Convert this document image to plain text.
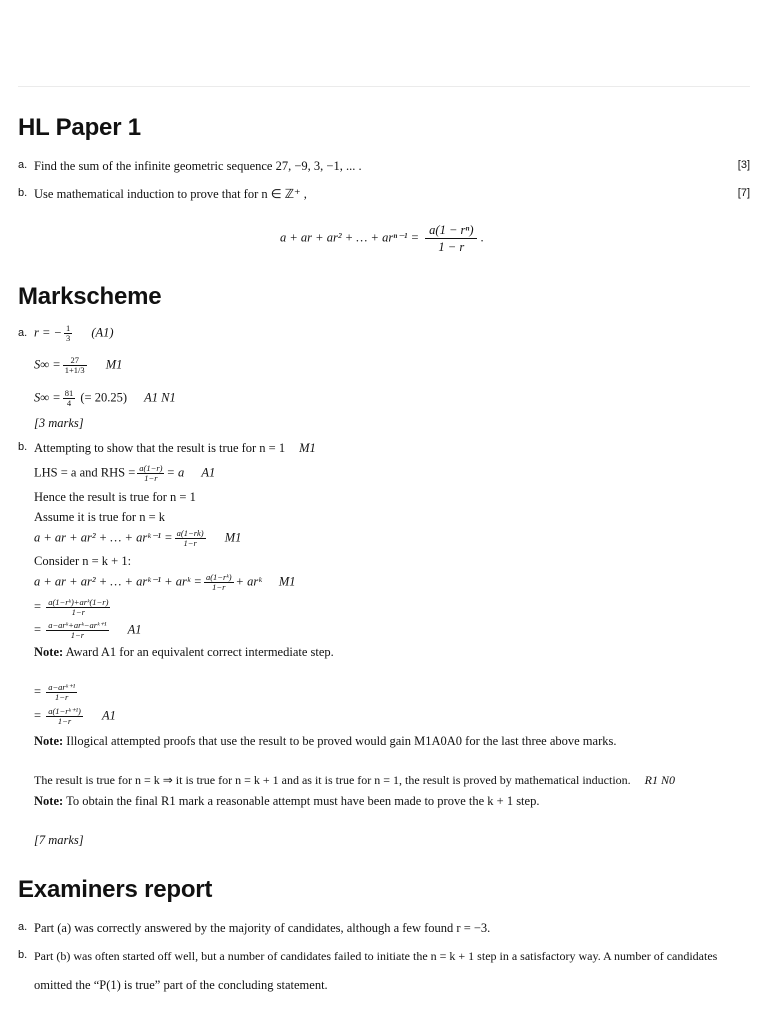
HL Paper 1
a. Find the sum of the infinite geometric sequence 27, −9, 3, −1, ... .	[3]
b. Use mathematical induction to prove that for n ∈ ℤ⁺ ,	[7]
a + ar + ar² + … + $ar^{n-1} = \frac{\text{a(1 − rⁿ)}}{1 - r}$ .
Markscheme
a. r = − $\frac{1}{3} (A1)$
$S\infty = \frac{27}{1+1/3} M1$
$S\infty = \frac{81}{4}$ (= 20.25) A1 N1
[3 marks]
b. Attempting to show that the result is true for n = 1 M1
LHS = a and RHS = $\frac{a(1-r)}{1-r} = a$ A1
Hence the result is true for n = 1
Assume it is true for n = k
a + ar + ar² + … + arᵏ⁻¹ = $\frac{a(1-rk)}{1-r} M1$
Consider n = k + 1:
a + ar + ar² + … + arᵏ⁻¹ + arᵏ = $\frac{\text{a(1−rᵏ)}}{1-r}$ + arᵏ M1
= $\frac{\text{a(1−rᵏ)+arᵏ(1−r)}}{1-r}$
= $\frac{\text{a−arᵏ+arᵏ−arᵏ⁺¹}}{1-r} A1$
Note: Award A1 for an equivalent correct intermediate step.
= $\frac{\text{a−arᵏ⁺¹}}{1-r}$
= $\frac{\text{a(1−rᵏ⁺¹)}}{1-r} A1$
Note: Illogical attempted proofs that use the result to be proved would gain M1A0A0 for the last three above marks.
The result is true for n = k ⇒ it is true for n = k + 1 and as it is true for n = 1, the result is proved by mathematical induction. R1 N0
Note: To obtain the final R1 mark a reasonable attempt must have been made to prove the k + 1 step.
[7 marks]
Examiners report
a. Part (a) was correctly answered by the majority of candidates, although a few found r = −3.
b. Part (b) was often started off well, but a number of candidates failed to initiate the n = k + 1 step in a satisfactory way. A number of candidates
omitted the “P(1) is true” part of the concluding statement.
